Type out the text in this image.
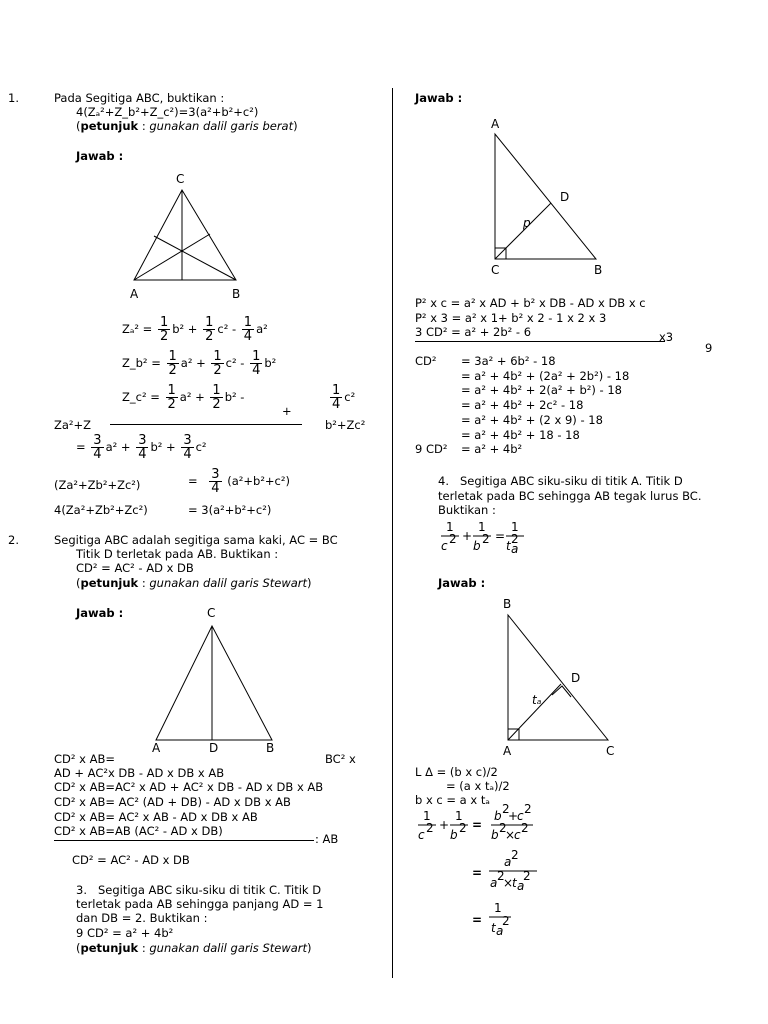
1.	Pada Segitiga ABC, buktikan :
4(Zₐ²+Z_b²+Z_c²)=3(a²+b²+c²)
(petunjuk : gunakan dalil garis berat)
Jawab :
C
A	B
$Z_a^2 = \frac{1}{2} b^2 + \frac{1}{2} c^2 - \frac{1}{4} a^2$
Z_b² = $\frac{1}{2} a^2 + \frac{1}{2} c^2 - \frac{1}{4} b^2$
Z_c² = $\frac{1}{2} a^2 + \frac{1}{2} b^2$ -
+	$\frac{1}{4} c^2$
Za²+Z	b²+Zc²
= $\frac{3}{4} a^2 + \frac{3}{4} b^2 + \frac{3}{4} c^2$
(Za²+Zb²+Zc²)	= $\frac{3}{4} (a^2+b^2+c^2)$
4(Za²+Zb²+Zc²)	= 3(a²+b²+c²)
2.	Segitiga ABC adalah segitiga sama kaki, AC = BC
Titik D terletak pada AB. Buktikan :
CD² = AC² - AD x DB
(petunjuk : gunakan dalil garis Stewart)
Jawab :	C
A	D	B
CD² x AB=	BC² x
AD + AC²x DB - AD x DB x AB
CD² x AB=AC² x AD + AC² x DB - AD x DB x AB
CD² x AB= AC² (AD + DB) - AD x DB x AB
CD² x AB= AC² x AB - AD x DB x AB
CD² x AB=AB (AC² - AD x DB)
: AB
CD² = AC² - AD x DB
3. Segitiga ABC siku-siku di titik C. Titik D
terletak pada AB sehingga panjang AD = 1
dan DB = 2. Buktikan :
9 CD² = a² + 4b²
(petunjuk : gunakan dalil garis Stewart)
Jawab :
A
D
p
C	B
P² x c = a² x AD + b² x DB - AD x DB x c
P² x 3 = a² x 1+ b² x 2 - 1 x 2 x 3
3 CD² = a² + 2b² - 6	x3
9
CD² = 3a² + 6b² - 18
= a² + 4b² + (2a² + 2b²) - 18
= a² + 4b² + 2(a² + b²) - 18
= a² + 4b² + 2c² - 18
= a² + 4b² + (2 x 9) - 18
= a² + 4b² + 18 - 18
9 CD² = a² + 4b²
4. Segitiga ABC siku-siku di titik A. Titik D
terletak pada BC sehingga AB tegak lurus BC.
Buktikan :
1
c 2 +
1
b 2 =
1
t 2
a
Jawab :
B
D
tₐ
A	C
L Δ = (b x c)/2
= (a x tₐ)/2
b x c = a x tₐ
1
c 2 +
1
b 2 =
b 2
+
c 2
b 2
×
c 2
=
a 2
a 2
×
t a
2
=
1
t a
2
